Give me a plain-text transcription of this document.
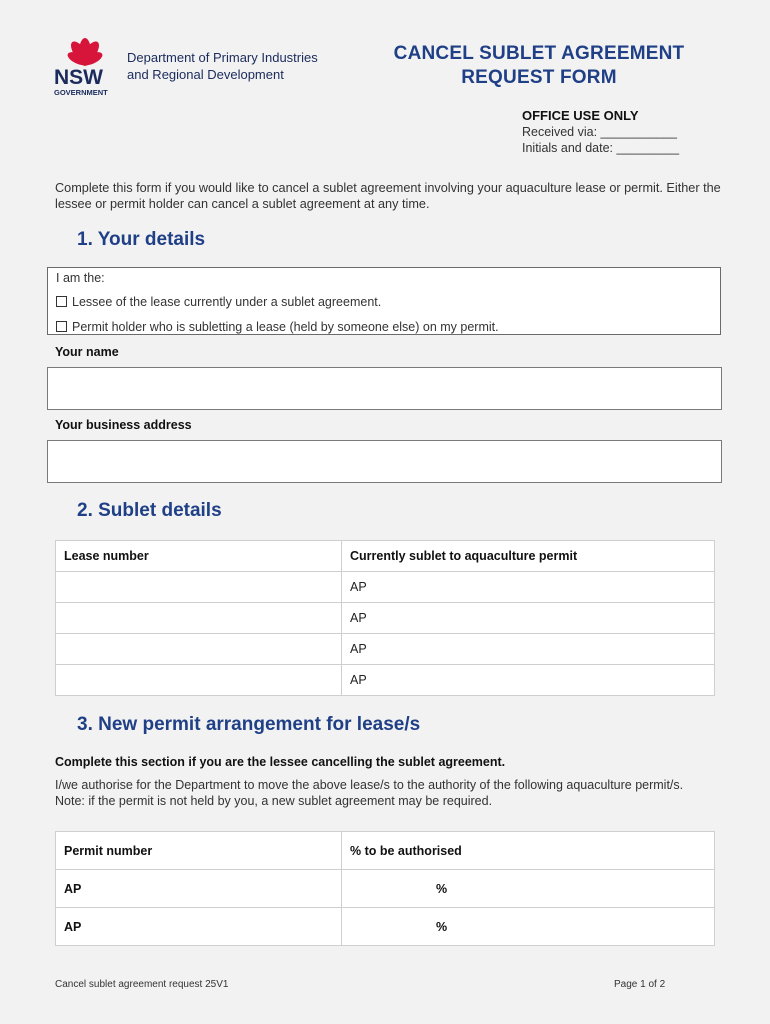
NSW
GOVERNMENT
Department of Primary Industries
and Regional Development
CANCEL SUBLET AGREEMENT
REQUEST FORM
OFFICE USE ONLY
Received via: ___________
Initials and date: _________
Complete this form if you would like to cancel a sublet agreement involving your aquaculture lease or permit. Either the lessee or permit holder can cancel a sublet agreement at any time.
1. Your details
I am the:
Lessee of the lease currently under a sublet agreement.
Permit holder who is subletting a lease (held by someone else) on my permit.
Your name
Your business address
2. Sublet details
Lease number	Currently sublet to aquaculture permit
	AP
	AP
	AP
	AP
3. New permit arrangement for lease/s
Complete this section if you are the lessee cancelling the sublet agreement.
I/we authorise for the Department to move the above lease/s to the authority of the following aquaculture permit/s. Note: if the permit is not held by you, a new sublet agreement may be required.
Permit number	% to be authorised
AP	%
AP	%
Cancel sublet agreement request 25V1	Page 1 of 2
